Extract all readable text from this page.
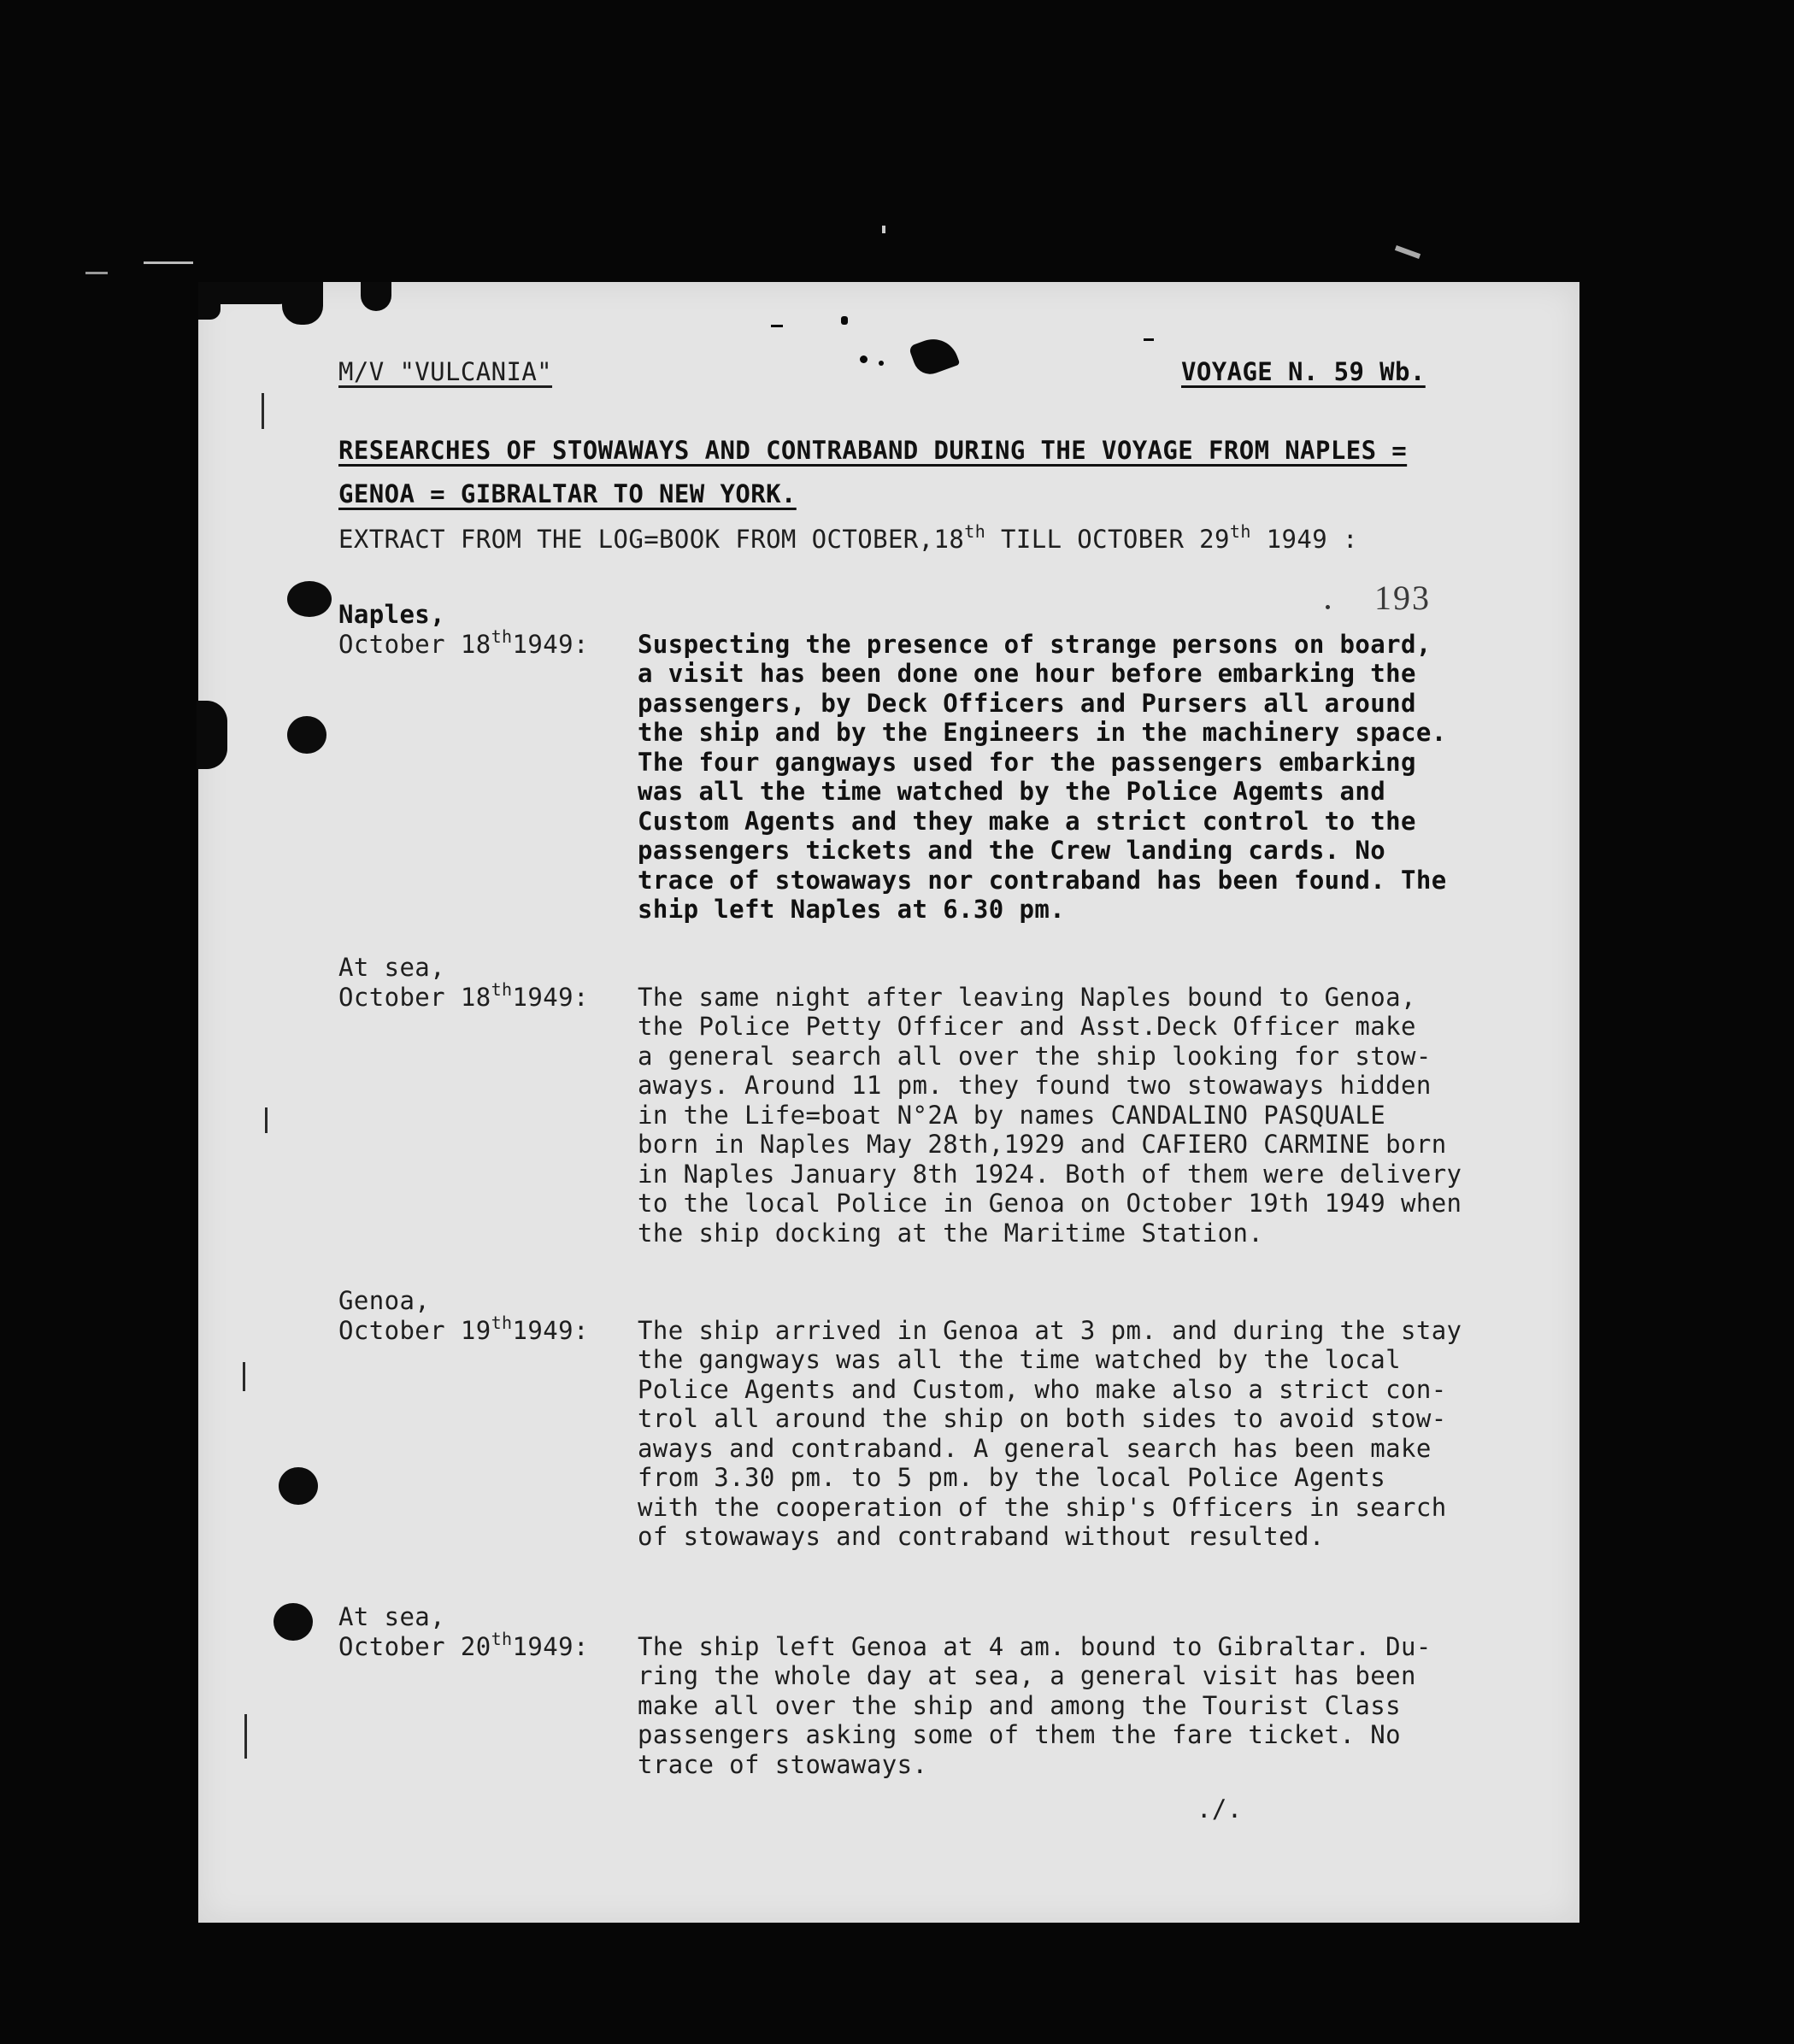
M/V "VULCANIA"	VOYAGE N. 59 Wb.
RESEARCHES OF STOWAWAYS AND CONTRABAND DURING THE VOYAGE FROM NAPLES =
GENOA = GIBRALTAR TO NEW YORK.
EXTRACT FROM THE LOG=BOOK FROM OCTOBER,18th TILL OCTOBER 29th 1949 :
193
Naples,
October 18th1949: Suspecting the presence of strange persons on board,
a visit has been done one hour before embarking the
passengers, by Deck Officers and Pursers all around
the ship and by the Engineers in the machinery space.
The four gangways used for the passengers embarking
was all the time watched by the Police Agemts and
Custom Agents and they make a strict control to the
passengers tickets and the Crew landing cards. No
trace of stowaways nor contraband has been found. The
ship left Naples at 6.30 pm.
At sea,
October 18th1949: The same night after leaving Naples bound to Genoa,
the Police Petty Officer and Asst.Deck Officer make
a general search all over the ship looking for stow-
aways. Around 11 pm. they found two stowaways hidden
in the Life=boat N°2A by names CANDALINO PASQUALE
born in Naples May 28th,1929 and CAFIERO CARMINE born
in Naples January 8th 1924. Both of them were delivery
to the local Police in Genoa on October 19th 1949 when
the ship docking at the Maritime Station.
Genoa,
October 19th1949: The ship arrived in Genoa at 3 pm. and during the stay
the gangways was all the time watched by the local
Police Agents and Custom, who make also a strict con-
trol all around the ship on both sides to avoid stow-
aways and contraband. A general search has been make
from 3.30 pm. to 5 pm. by the local Police Agents
with the cooperation of the ship's Officers in search
of stowaways and contraband without resulted.
At sea,
October 20th1949: The ship left Genoa at 4 am. bound to Gibraltar. Du-
ring the whole day at sea, a general visit has been
make all over the ship and among the Tourist Class
passengers asking some of them the fare ticket. No
trace of stowaways.
./.
